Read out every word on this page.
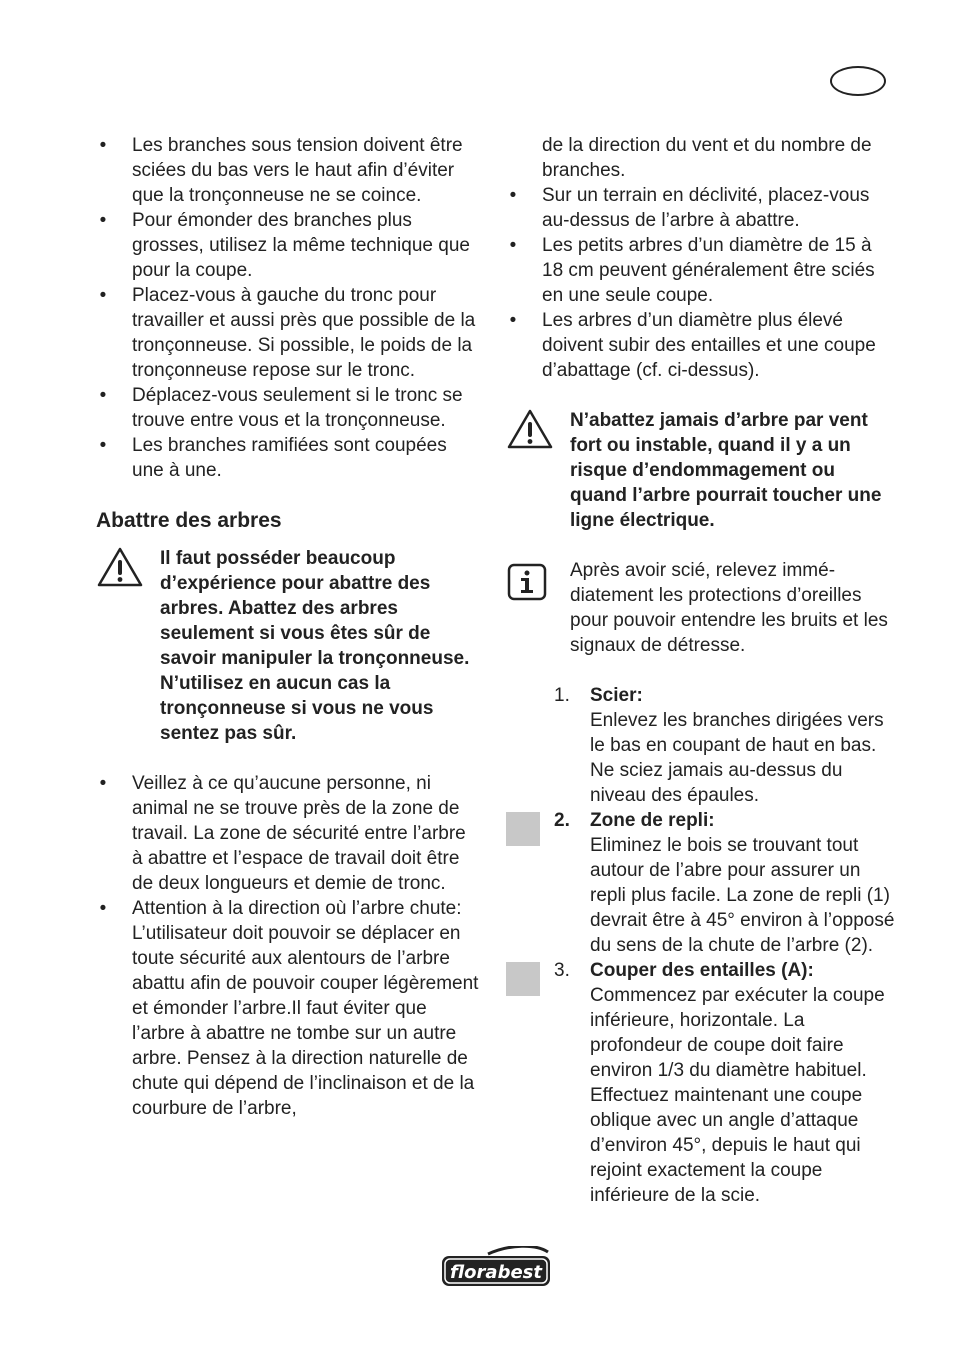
• Les branches sous tension doivent être sciées du bas vers le haut afin d’éviter que la tronçonneuse ne se coince.
• Pour émonder des branches plus grosses, utilisez la même technique que pour la coupe.
• Placez-vous à gauche du tronc pour travailler et aussi près que possible de la tronçonneuse. Si possible, le poids de la tronçonneuse repose sur le tronc.
• Déplacez-vous seulement si le tronc se trouve entre vous et la tronçonneuse.
• Les branches ramifiées sont coupées une à une.
Abattre des arbres
Il faut posséder beaucoup d’expérience pour abattre des arbres. Abattez des arbres seulement si vous êtes sûr de savoir manipuler la tronçonneuse. N’utilisez en aucun cas la tronçonneuse si vous ne vous sentez pas sûr.
• Veillez à ce qu’aucune personne, ni animal ne se trouve près de la zone de travail. La zone de sécurité entre l’arbre à abattre et l’espace de travail doit être de deux longueurs et demie de tronc.
• Attention à la direction où l’arbre chute:
L’utilisateur doit pouvoir se déplacer en toute sécurité aux alentours de l’arbre abattu afin de pouvoir couper légèrement et émonder l’arbre.Il faut éviter que l’arbre à abattre ne tombe sur un autre arbre. Pensez à la direction naturelle de chute qui dépend de l’inclinaison et de la courbure de l’arbre,
de la direction du vent et du nombre de branches.
• Sur un terrain en déclivité, placez-vous au-dessus de l’arbre à abattre.
• Les petits arbres d’un diamètre de 15 à 18 cm peuvent généralement être sciés en une seule coupe.
• Les arbres d’un diamètre plus élevé doivent subir des entailles et une coupe d’abattage (cf. ci-dessus).
N’abattez jamais d’arbre par vent fort ou instable, quand il y a un risque d’endommagement ou quand l’arbre pourrait toucher une ligne électrique.
Après avoir scié, relevez immédiatement les protections d’oreilles pour pouvoir entendre les bruits et les signaux de détresse.
1.	Scier:
Enlevez les branches dirigées vers le bas en coupant de haut en bas. Ne sciez jamais au-dessus du niveau des épaules.
2.	Zone de repli:
Eliminez le bois se trouvant tout autour de l’abre pour assurer un repli plus facile. La zone de repli (1) devrait être à 45° environ à l’opposé du sens de la chute de l’arbre (2).
3.	Couper des entailles (A):
Commencez par exécuter la coupe inférieure, horizontale. La profondeur de coupe doit faire environ 1/3 du diamètre habituel. Effectuez maintenant une coupe oblique avec un angle d’attaque d’environ 45°, depuis le haut qui rejoint exactement la coupe inférieure de la scie.
florabest
